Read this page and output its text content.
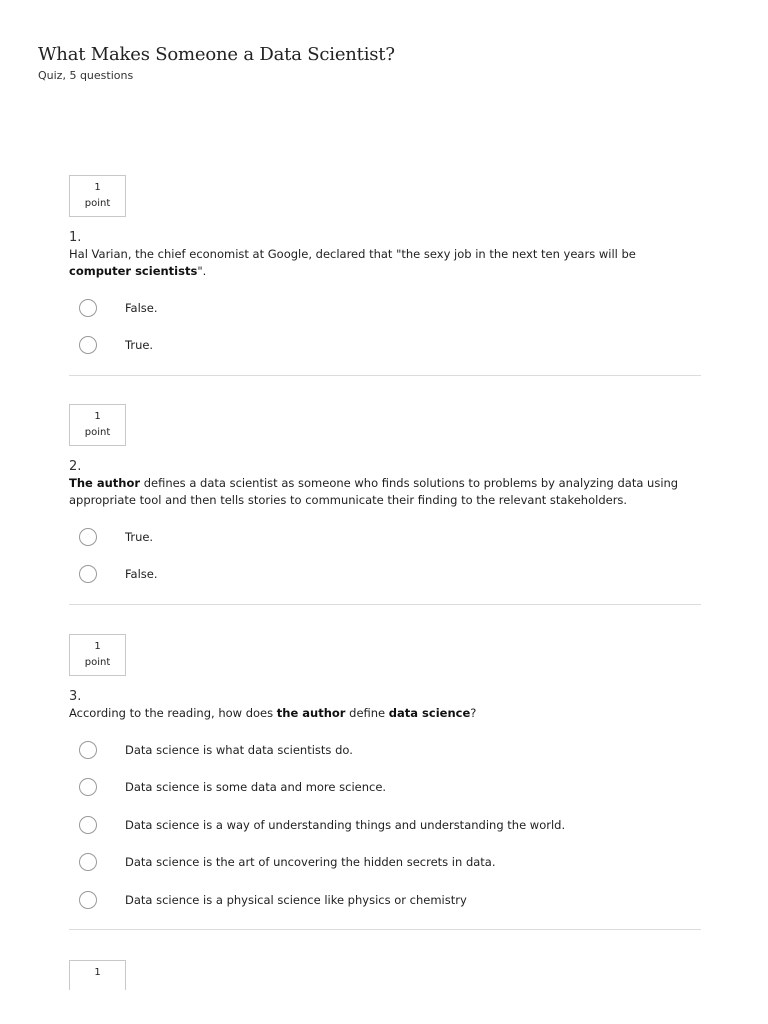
What Makes Someone a Data Scientist?
Quiz, 5 questions
1
point
1.
Hal Varian, the chief economist at Google, declared that "the sexy job in the next ten years will be computer scientists".
False.
True.
1
point
2.
The author defines a data scientist as someone who finds solutions to problems by analyzing data using appropriate tool and then tells stories to communicate their finding to the relevant stakeholders.
True.
False.
1
point
3.
According to the reading, how does the author define data science?
Data science is what data scientists do.
Data science is some data and more science.
Data science is a way of understanding things and understanding the world.
Data science is the art of uncovering the hidden secrets in data.
Data science is a physical science like physics or chemistry
1
